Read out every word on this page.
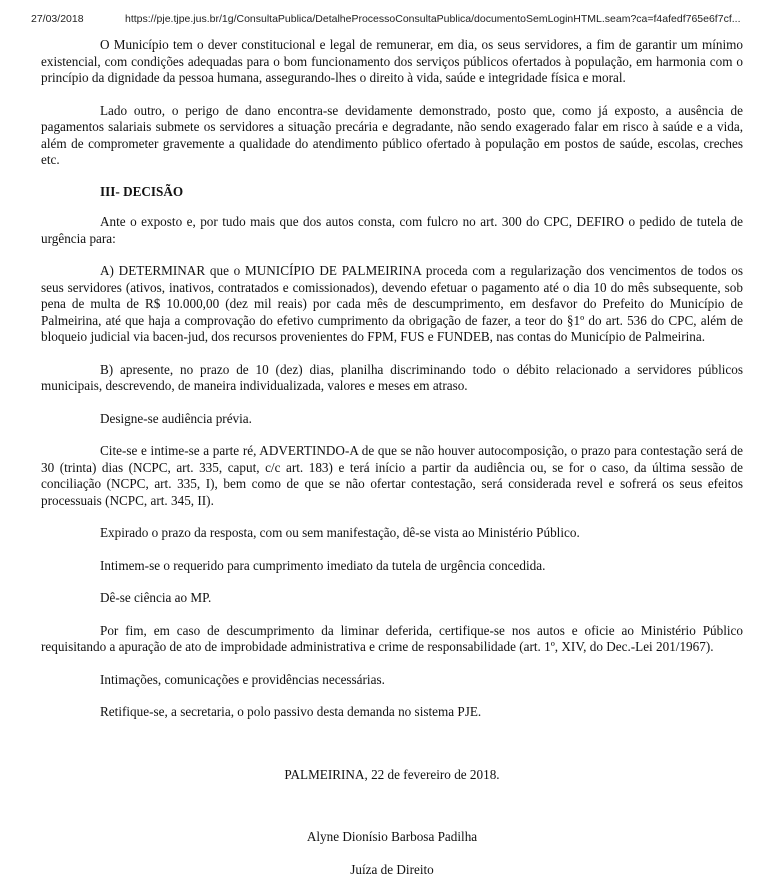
27/03/2018	https://pje.tjpe.jus.br/1g/ConsultaPublica/DetalheProcessoConsultaPublica/documentoSemLoginHTML.seam?ca=f4afedf765e6f7cf...

O Município tem o dever constitucional e legal de remunerar, em dia, os seus servidores, a fim de garantir um mínimo existencial, com condições adequadas para o bom funcionamento dos serviços públicos ofertados à população, em harmonia com o princípio da dignidade da pessoa humana, assegurando-lhes o direito à vida, saúde e integridade física e moral.

Lado outro, o perigo de dano encontra-se devidamente demonstrado, posto que, como já exposto, a ausência de pagamentos salariais submete os servidores a situação precária e degradante, não sendo exagerado falar em risco à saúde e a vida, além de comprometer gravemente a qualidade do atendimento público ofertado à população em postos de saúde, escolas, creches etc.

III- DECISÃO

Ante o exposto e, por tudo mais que dos autos consta, com fulcro no art. 300 do CPC, DEFIRO o pedido de tutela de urgência para:

A) DETERMINAR que o MUNICÍPIO DE PALMEIRINA proceda com a regularização dos vencimentos de todos os seus servidores (ativos, inativos, contratados e comissionados), devendo efetuar o pagamento até o dia 10 do mês subsequente, sob pena de multa de R$ 10.000,00 (dez mil reais) por cada mês de descumprimento, em desfavor do Prefeito do Município de Palmeirina, até que haja a comprovação do efetivo cumprimento da obrigação de fazer, a teor do §1º do art. 536 do CPC, além de bloqueio judicial via bacen-jud, dos recursos provenientes do FPM, FUS e FUNDEB, nas contas do Município de Palmeirina.

B) apresente, no prazo de 10 (dez) dias, planilha discriminando todo o débito relacionado a servidores públicos municipais, descrevendo, de maneira individualizada, valores e meses em atraso.

Designe-se audiência prévia.

Cite-se e intime-se a parte ré, ADVERTINDO-A de que se não houver autocomposição, o prazo para contestação será de 30 (trinta) dias (NCPC, art. 335, caput, c/c art. 183) e terá início a partir da audiência ou, se for o caso, da última sessão de conciliação (NCPC, art. 335, I), bem como de que se não ofertar contestação, será considerada revel e sofrerá os seus efeitos processuais (NCPC, art. 345, II).

Expirado o prazo da resposta, com ou sem manifestação, dê-se vista ao Ministério Público.

Intimem-se o requerido para cumprimento imediato da tutela de urgência concedida.

Dê-se ciência ao MP.

Por fim, em caso de descumprimento da liminar deferida, certifique-se nos autos e oficie ao Ministério Público requisitando a apuração de ato de improbidade administrativa e crime de responsabilidade (art. 1º, XIV, do Dec.-Lei 201/1967).

Intimações, comunicações e providências necessárias.

Retifique-se, a secretaria, o polo passivo desta demanda no sistema PJE.

PALMEIRINA, 22 de fevereiro de 2018.

Alyne Dionísio Barbosa Padilha

Juíza de Direito
